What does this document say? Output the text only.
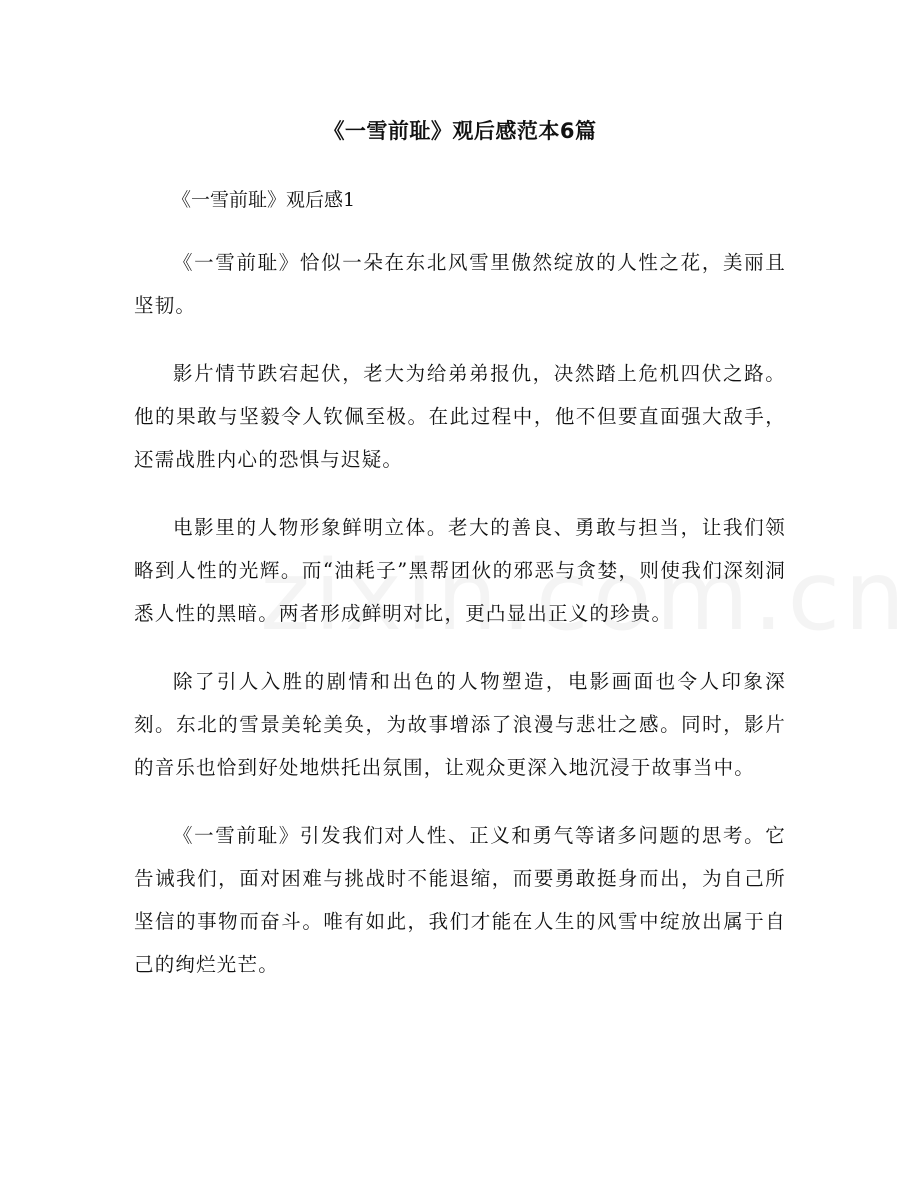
《一雪前耻》观后感范本6篇

《一雪前耻》观后感1

《一雪前耻》恰似一朵在东北风雪里傲然绽放的人性之花，美丽且坚韧。

影片情节跌宕起伏，老大为给弟弟报仇，决然踏上危机四伏之路。他的果敢与坚毅令人钦佩至极。在此过程中，他不但要直面强大敌手，还需战胜内心的恐惧与迟疑。

电影里的人物形象鲜明立体。老大的善良、勇敢与担当，让我们领略到人性的光辉。而“油耗子”黑帮团伙的邪恶与贪婪，则使我们深刻洞悉人性的黑暗。两者形成鲜明对比，更凸显出正义的珍贵。

除了引人入胜的剧情和出色的人物塑造，电影画面也令人印象深刻。东北的雪景美轮美奂，为故事增添了浪漫与悲壮之感。同时，影片的音乐也恰到好处地烘托出氛围，让观众更深入地沉浸于故事当中。

《一雪前耻》引发我们对人性、正义和勇气等诸多问题的思考。它告诫我们，面对困难与挑战时不能退缩，而要勇敢挺身而出，为自己所坚信的事物而奋斗。唯有如此，我们才能在人生的风雪中绽放出属于自己的绚烂光芒。
